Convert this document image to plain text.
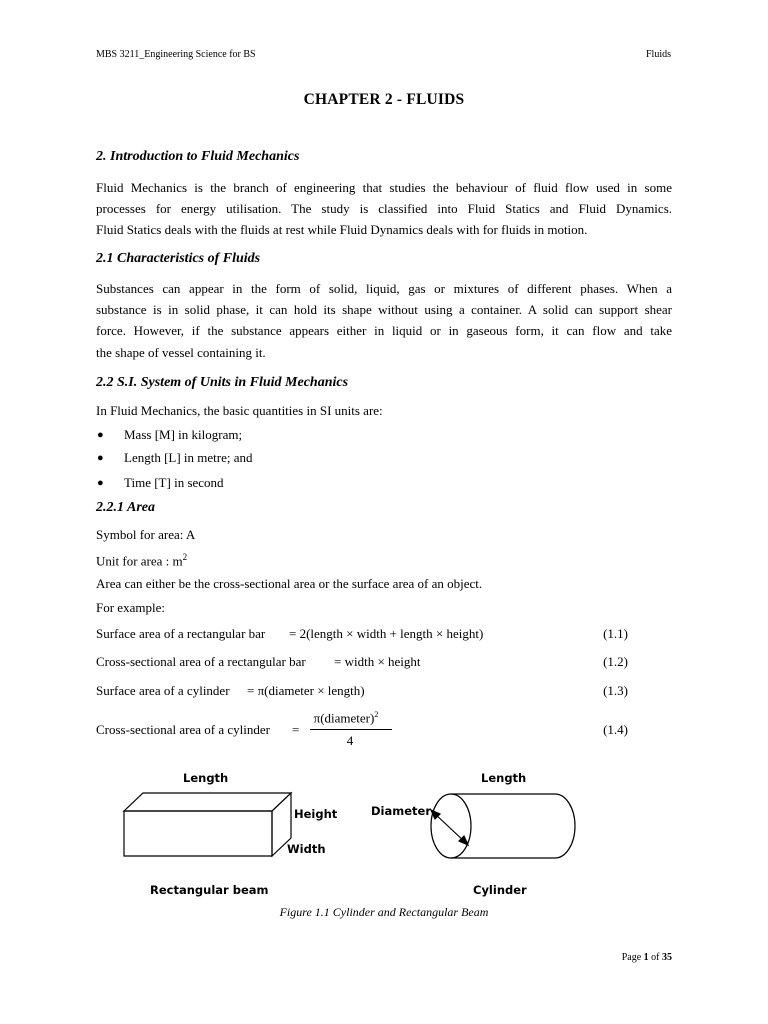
MBS 3211_Engineering Science for BS	Fluids
CHAPTER 2 - FLUIDS
2. Introduction to Fluid Mechanics
Fluid Mechanics is the branch of engineering that studies the behaviour of fluid flow used in some
processes for energy utilisation. The study is classified into Fluid Statics and Fluid Dynamics.
Fluid Statics deals with the fluids at rest while Fluid Dynamics deals with for fluids in motion.
2.1 Characteristics of Fluids
Substances can appear in the form of solid, liquid, gas or mixtures of different phases. When a
substance is in solid phase, it can hold its shape without using a container. A solid can support shear
force. However, if the substance appears either in liquid or in gaseous form, it can flow and take
the shape of vessel containing it.
2.2 S.I. System of Units in Fluid Mechanics
In Fluid Mechanics, the basic quantities in SI units are:
● Mass [M] in kilogram;
● Length [L] in metre; and
● Time [T] in second
2.2.1 Area
Symbol for area: A
Unit for area : $m^2$
Area can either be the cross-sectional area or the surface area of an object.
For example:
Surface area of a rectangular bar = 2(length × width + length × height)	(1.1)
Cross-sectional area of a rectangular bar = width × height	(1.2)
Surface area of a cylinder = π(diameter × length)	(1.3)
Cross-sectional area of a cylinder =	(1.4)
π(diameter)$^2$
4
Length
Height
Width
Rectangular beam
Length
Diameter
Cylinder
Figure 1.1 Cylinder and Rectangular Beam
Page 1 of 35
